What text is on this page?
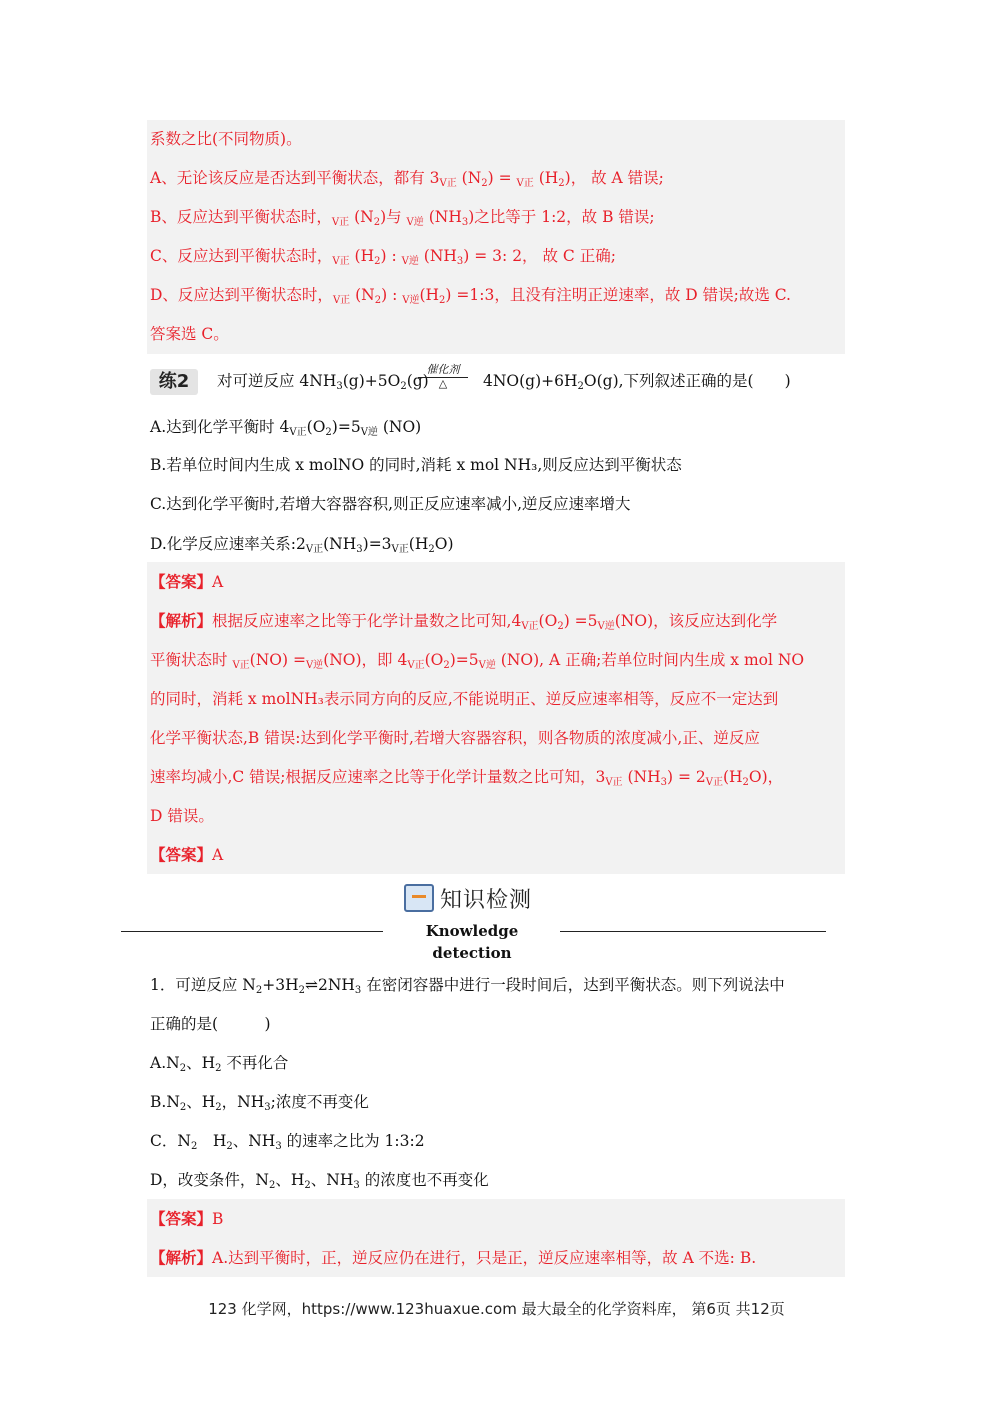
系数之比(不同物质)。
A、无论该反应是否达到平衡状态，都有 $3_{V正}$ $(N_2) = _{V正}$ $(H_2)$， 故 A 错误;
B、反应达到平衡状态时，$_{V正}$ $(N_2)$与 $_{V逆}$ $(NH_3)$之比等于 1:2，故 B 错误;
C、反应达到平衡状态时，$_{V正}$ $(H_2)$ : $_{V逆}$ $(NH_3) = 3$: 2， 故 C 正确;
D、反应达到平衡状态时，$_{V正}$ $(N_2)$ : $_{V逆}(H_2)$ =1:3，且没有注明正逆速率，故 D 错误;故选 C.
答案选 C。
练2	对可逆反应 $4NH_3(g)+5O_2(g)$
催化剂
△	$4NO(g)+6H_2O(g)$,下列叙述正确的是(　　)
A.达到化学平衡时 $4_{V正}(O_2)=5_{V逆}$ (NO)
B.若单位时间内生成 x molNO 的同时,消耗 x mol NH₃,则反应达到平衡状态
C.达到化学平衡时,若增大容器容积,则正反应速率减小,逆反应速率增大
D.化学反应速率关系$:2_{V正}(NH_3)=3_{V正}(H_2O)$
【答案】A
【解析】根据反应速率之比等于化学计量数之比可知$,4_{V正}(O_2) =5_{V逆}(NO)$，该反应达到化学
平衡状态时 $_{V正}(NO) =_{V逆}(NO)$，即 $4_{V正}(O_2)=5_{V逆}$ (NO), A 正确;若单位时间内生成 x mol NO
的同时，消耗 x molNH₃表示同方向的反应,不能说明正、逆反应速率相等，反应不一定达到
化学平衡状态,B 错误:达到化学平衡时,若增大容器容积，则各物质的浓度减小,正、逆反应
速率均减小,C 错误;根据反应速率之比等于化学计量数之比可知，$3_{V正}$ $(NH_3) = 2_{V正}(H_2O)$，
D 错误。
【答案】A
知识检测
Knowledge detection
1．可逆反应 $N_2+3H_2\rightleftharpoons 2NH_3$ 在密闭容器中进行一段时间后，达到平衡状态。则下列说法中
正确的是(　　　)
$A.N_2$、$H_2$ 不再化合
$B.N_2$、$H_2$，$NH_3$;浓度不再变化
C．$N_2$　$H_2$、$NH_3$ 的速率之比为 1:3:2
D，改变条件，$N_2$、$H_2$、$NH_3$ 的浓度也不再变化
【答案】B
【解析】A.达到平衡时，正，逆反应仍在进行，只是正，逆反应速率相等，故 A 不选: B.
123 化学网，https://www.123huaxue.com 最大最全的化学资料库， 第6页 共12页
